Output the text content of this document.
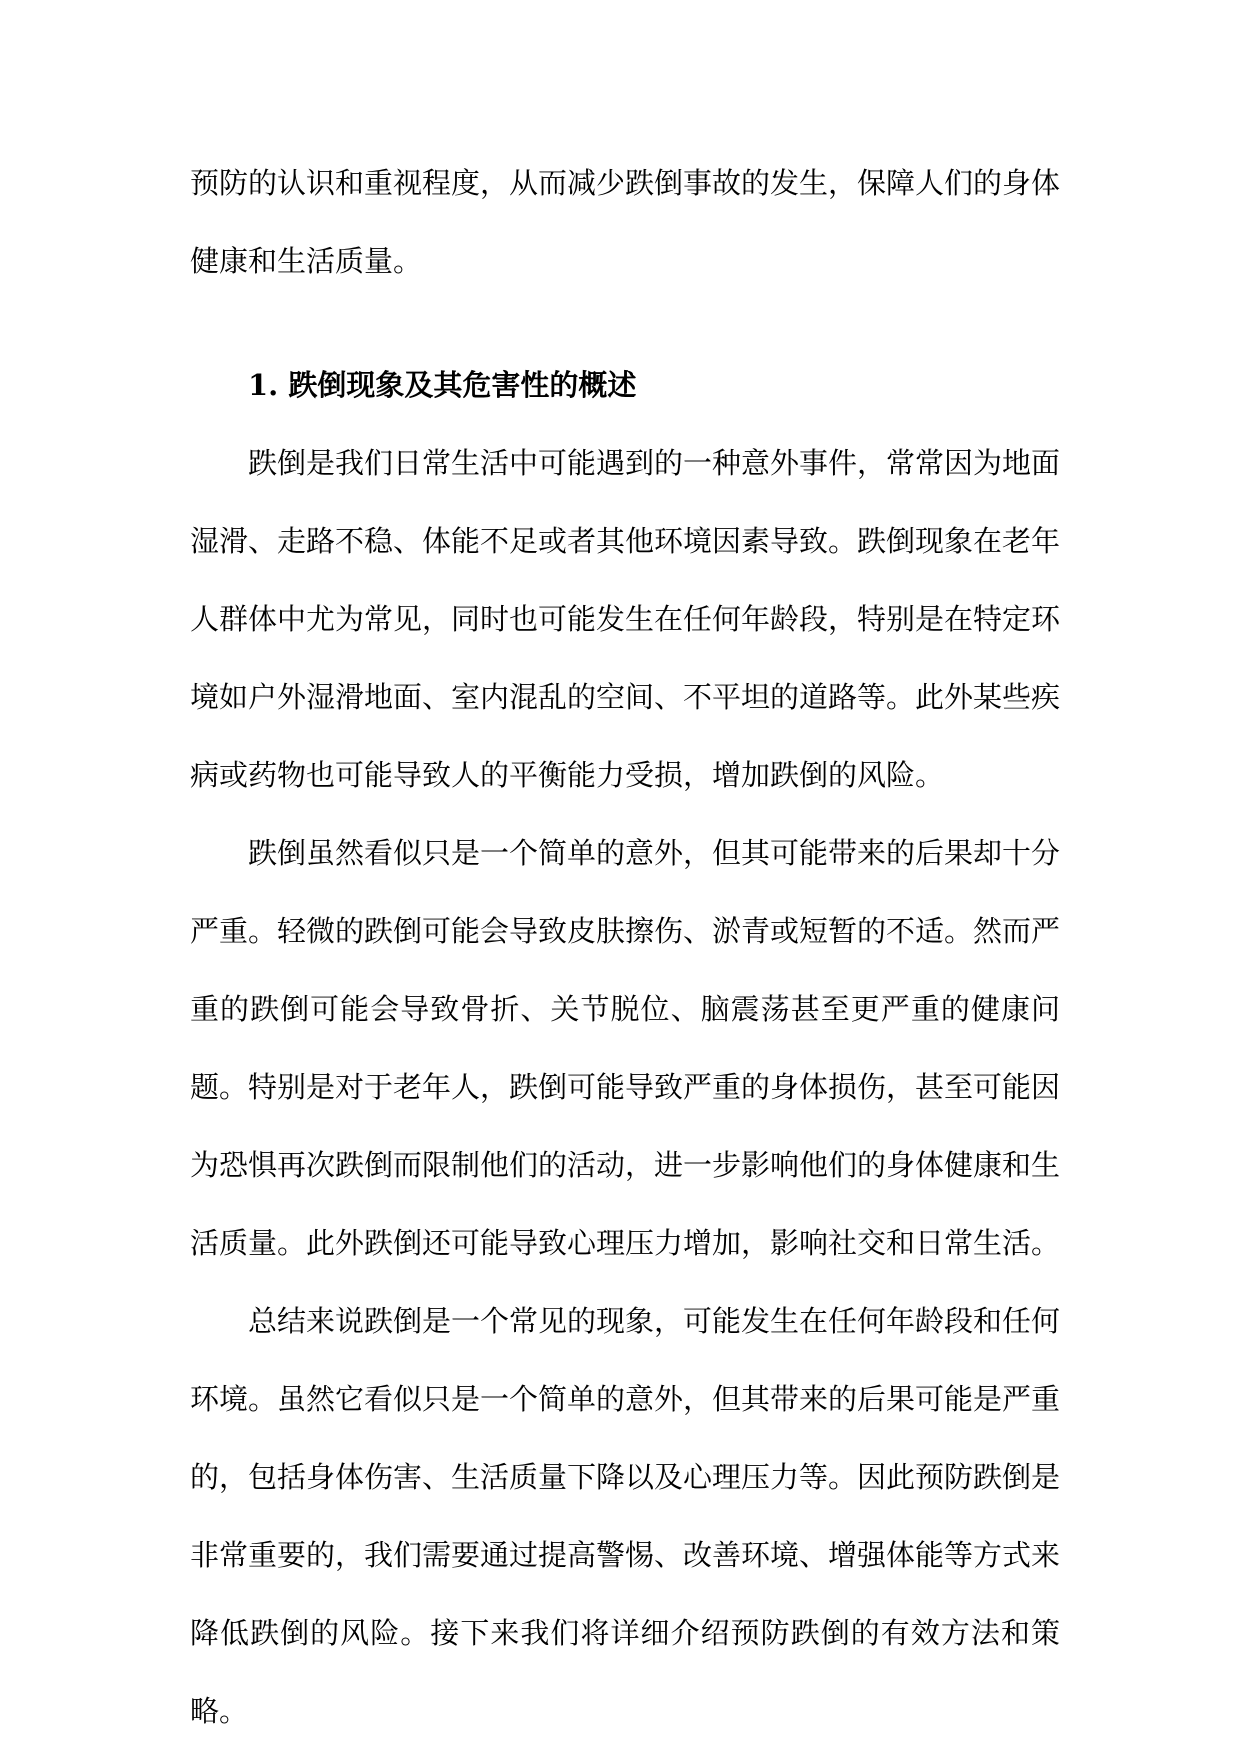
预防的认识和重视程度，从而减少跌倒事故的发生，保障人们的身体健康和生活质量。

1. 跌倒现象及其危害性的概述

跌倒是我们日常生活中可能遇到的一种意外事件，常常因为地面湿滑、走路不稳、体能不足或者其他环境因素导致。跌倒现象在老年人群体中尤为常见，同时也可能发生在任何年龄段，特别是在特定环境如户外湿滑地面、室内混乱的空间、不平坦的道路等。此外某些疾病或药物也可能导致人的平衡能力受损，增加跌倒的风险。

跌倒虽然看似只是一个简单的意外，但其可能带来的后果却十分严重。轻微的跌倒可能会导致皮肤擦伤、淤青或短暂的不适。然而严重的跌倒可能会导致骨折、关节脱位、脑震荡甚至更严重的健康问题。特别是对于老年人，跌倒可能导致严重的身体损伤，甚至可能因为恐惧再次跌倒而限制他们的活动，进一步影响他们的身体健康和生活质量。此外跌倒还可能导致心理压力增加，影响社交和日常生活。

总结来说跌倒是一个常见的现象，可能发生在任何年龄段和任何环境。虽然它看似只是一个简单的意外，但其带来的后果可能是严重的，包括身体伤害、生活质量下降以及心理压力等。因此预防跌倒是非常重要的，我们需要通过提高警惕、改善环境、增强体能等方式来降低跌倒的风险。接下来我们将详细介绍预防跌倒的有效方法和策略。
